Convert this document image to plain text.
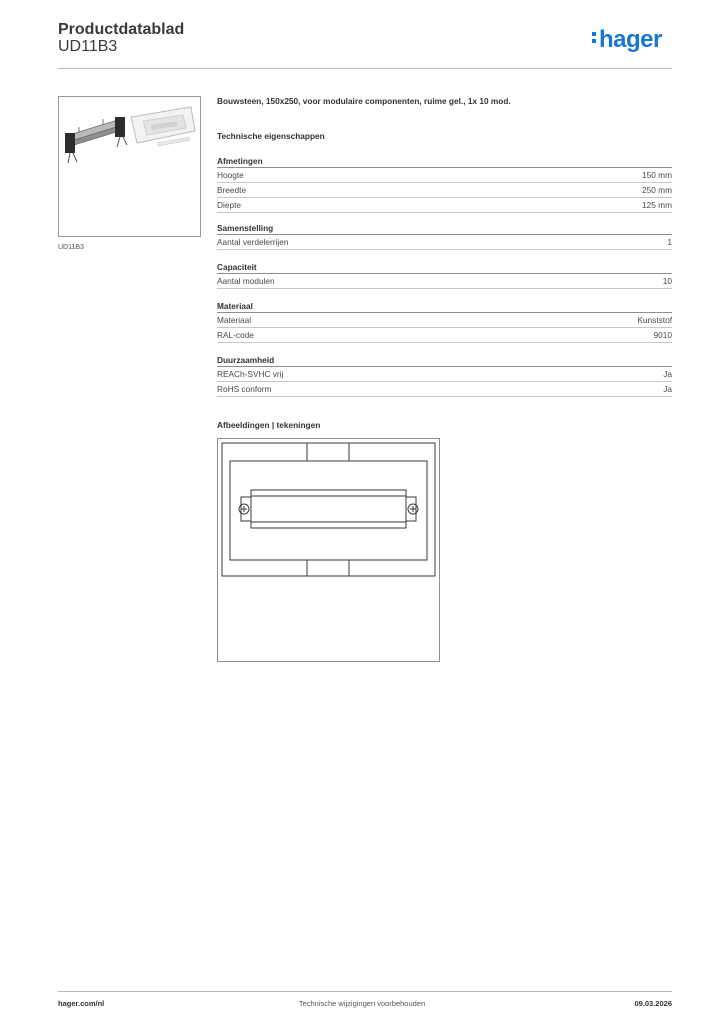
Productdatablad
UD11B3	hager
UD11B3
Bouwsteen, 150x250, voor modulaire componenten, ruime gel., 1x 10 mod.
Technische eigenschappen
Afmetingen
Hoogte	150 mm
Breedte	250 mm
Diepte	125 mm
Samenstelling
Aantal verdelerrijen	1
Capaciteit
Aantal modulen	10
Materiaal
Materiaal	Kunststof
RAL-code	9010
Duurzaamheid
REACh-SVHC vrij	Ja
RoHS conform	Ja
Afbeeldingen | tekeningen
hager.com/nl	Technische wijzigingen voorbehouden	09.03.2026
